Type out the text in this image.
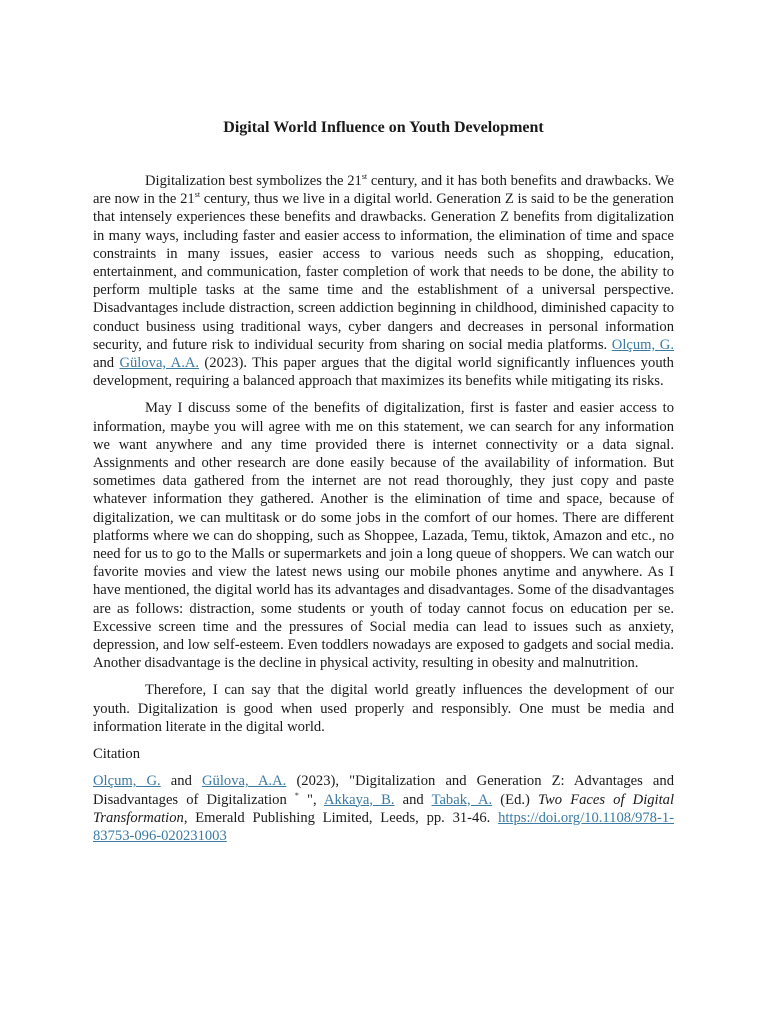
Digital World Influence on Youth Development

Digitalization best symbolizes the 21st century, and it has both benefits and drawbacks. We are now in the 21st century, thus we live in a digital world. Generation Z is said to be the generation that intensely experiences these benefits and drawbacks. Generation Z benefits from digitalization in many ways, including faster and easier access to information, the elimination of time and space constraints in many issues, easier access to various needs such as shopping, education, entertainment, and communication, faster completion of work that needs to be done, the ability to perform multiple tasks at the same time and the establishment of a universal perspective. Disadvantages include distraction, screen addiction beginning in childhood, diminished capacity to conduct business using traditional ways, cyber dangers and decreases in personal information security, and future risk to individual security from sharing on social media platforms. Olçum, G. and Gülova, A.A. (2023). This paper argues that the digital world significantly influences youth development, requiring a balanced approach that maximizes its benefits while mitigating its risks.

May I discuss some of the benefits of digitalization, first is faster and easier access to information, maybe you will agree with me on this statement, we can search for any information we want anywhere and any time provided there is internet connectivity or a data signal. Assignments and other research are done easily because of the availability of information. But sometimes data gathered from the internet are not read thoroughly, they just copy and paste whatever information they gathered. Another is the elimination of time and space, because of digitalization, we can multitask or do some jobs in the comfort of our homes. There are different platforms where we can do shopping, such as Shoppee, Lazada, Temu, tiktok, Amazon and etc., no need for us to go to the Malls or supermarkets and join a long queue of shoppers. We can watch our favorite movies and view the latest news using our mobile phones anytime and anywhere. As I have mentioned, the digital world has its advantages and disadvantages. Some of the disadvantages are as follows: distraction, some students or youth of today cannot focus on education per se. Excessive screen time and the pressures of Social media can lead to issues such as anxiety, depression, and low self-esteem. Even toddlers nowadays are exposed to gadgets and social media. Another disadvantage is the decline in physical activity, resulting in obesity and malnutrition.

Therefore, I can say that the digital world greatly influences the development of our youth. Digitalization is good when used properly and responsibly. One must be media and information literate in the digital world.

Citation

Olçum, G. and Gülova, A.A. (2023), "Digitalization and Generation Z: Advantages and Disadvantages of Digitalization * ", Akkaya, B. and Tabak, A. (Ed.) Two Faces of Digital Transformation, Emerald Publishing Limited, Leeds, pp. 31-46. https://doi.org/10.1108/978-1-83753-096-020231003
